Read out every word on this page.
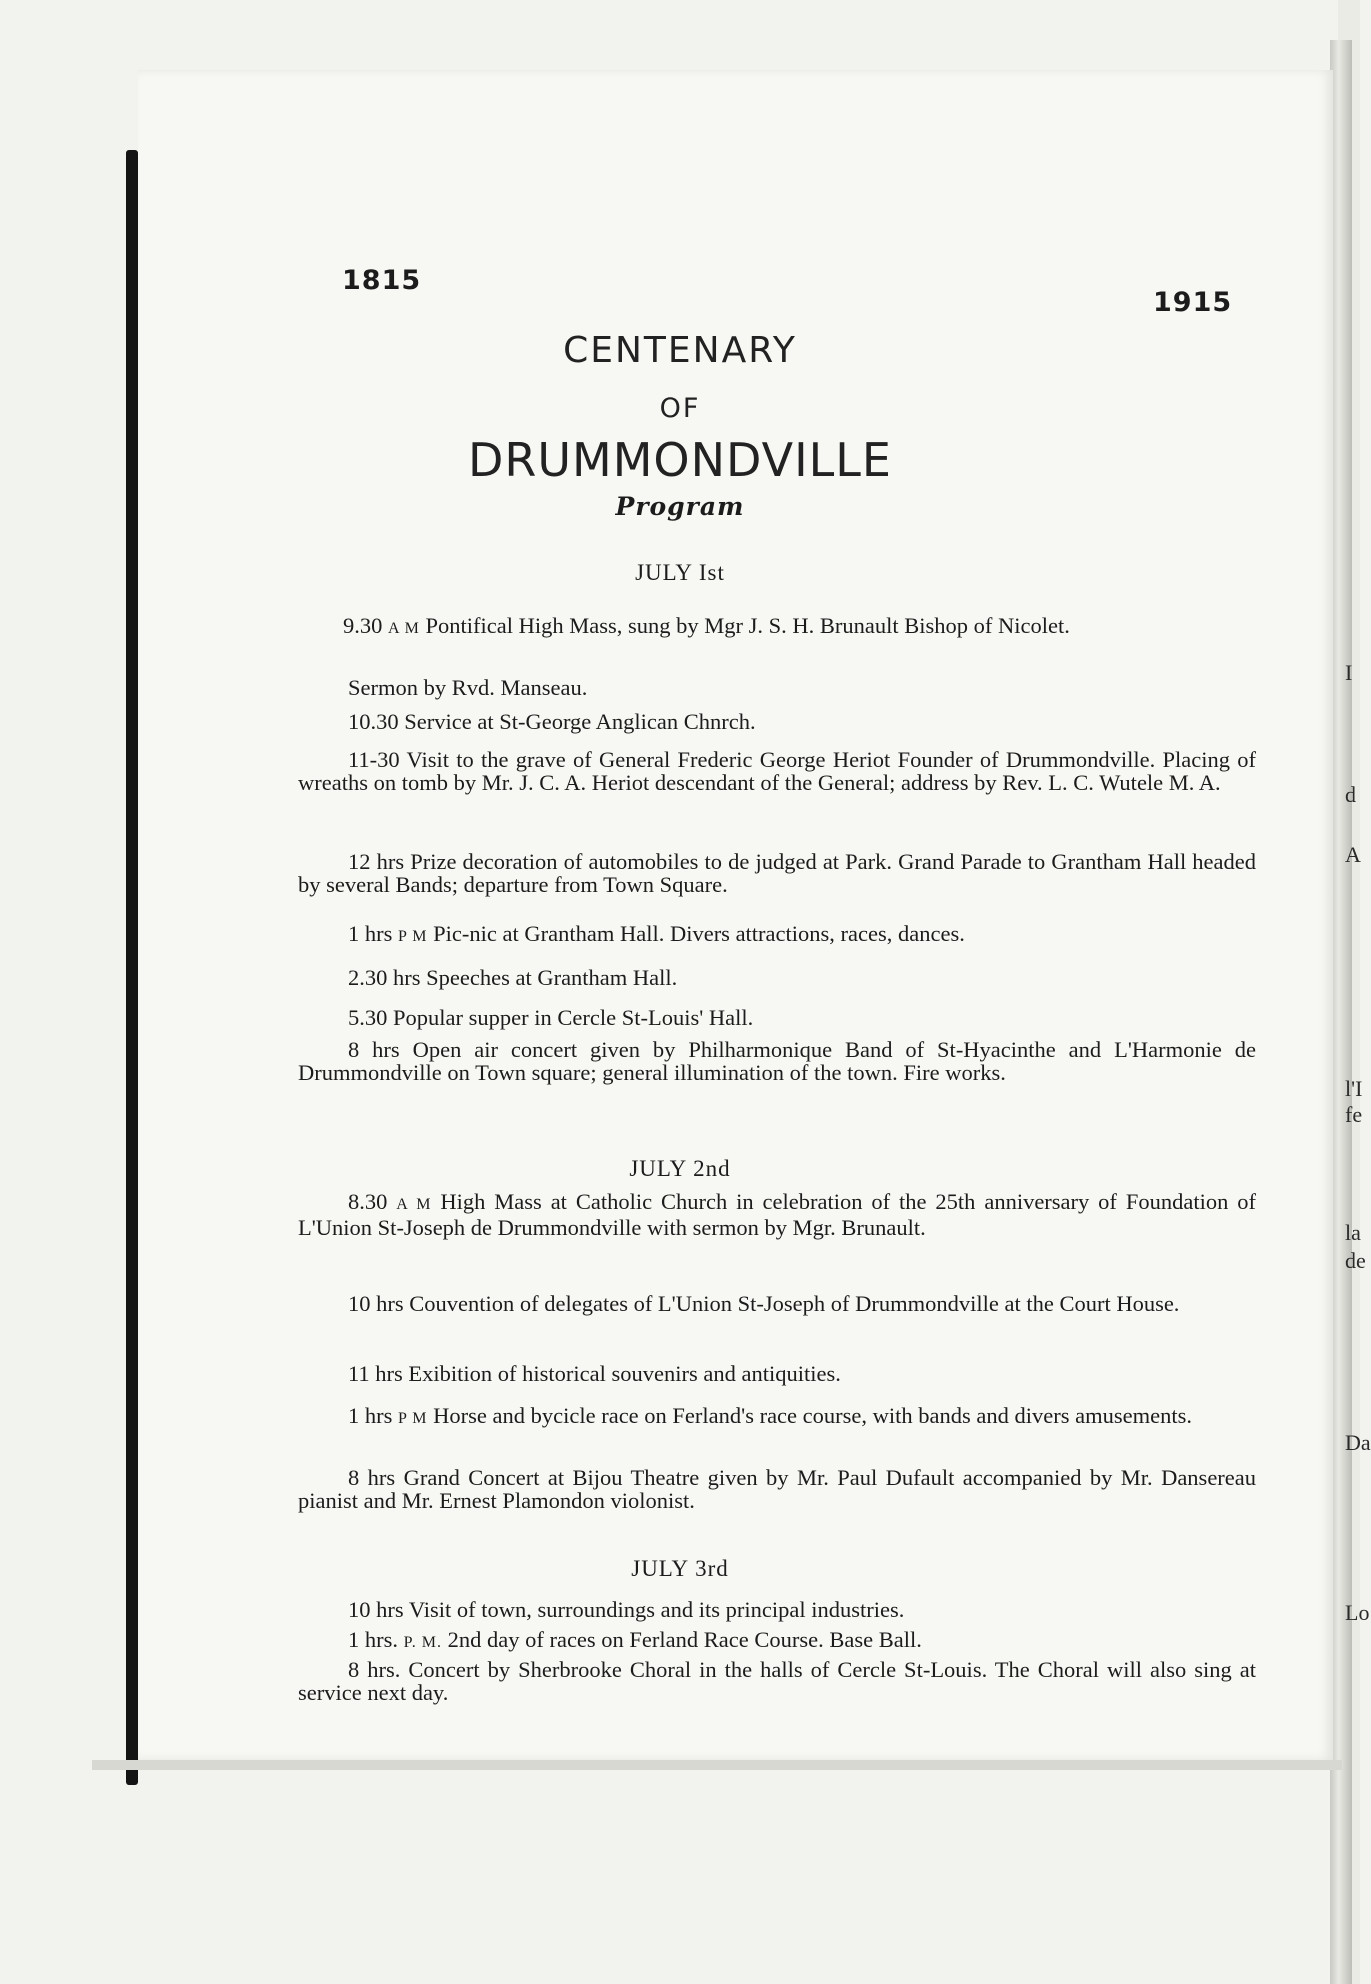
I
d
A
l'I
fe
la
de
Da
Lo
1815
1915
CENTENARY
OF
DRUMMONDVILLE
Program
JULY Ist
9.30 A M Pontifical High Mass, sung by Mgr J. S. H. Brunault Bishop of Nicolet.
Sermon by Rvd. Manseau.
10.30 Service at St-George Anglican Chnrch.
11-30 Visit to the grave of General Frederic George Heriot Founder of Drummondville. Placing of wreaths on tomb by Mr. J. C. A. Heriot descendant of the General; address by Rev. L. C. Wutele M. A.
12 hrs Prize decoration of automobiles to de judged at Park. Grand Parade to Grantham Hall headed by several Bands; departure from Town Square.
1 hrs P M Pic-nic at Grantham Hall. Divers attractions, races, dances.
2.30 hrs Speeches at Grantham Hall.
5.30 Popular supper in Cercle St-Louis' Hall.
8 hrs Open air concert given by Philharmonique Band of St-Hyacinthe and L'Harmonie de Drummondville on Town square; general illumination of the town. Fire works.
JULY 2nd
8.30 A M High Mass at Catholic Church in celebration of the 25th anniversary of Foundation of L'Union St-Joseph de Drummondville with sermon by Mgr. Brunault.
10 hrs Couvention of delegates of L'Union St-Joseph of Drummondville at the Court House.
11 hrs Exibition of historical souvenirs and antiquities.
1 hrs P M Horse and bycicle race on Ferland's race course, with bands and divers amusements.
8 hrs Grand Concert at Bijou Theatre given by Mr. Paul Dufault accompanied by Mr. Dansereau pianist and Mr. Ernest Plamondon violonist.
JULY 3rd
10 hrs Visit of town, surroundings and its principal industries.
1 hrs. P. M. 2nd day of races on Ferland Race Course. Base Ball.
8 hrs. Concert by Sherbrooke Choral in the halls of Cercle St-Louis. The Choral will also sing at service next day.
